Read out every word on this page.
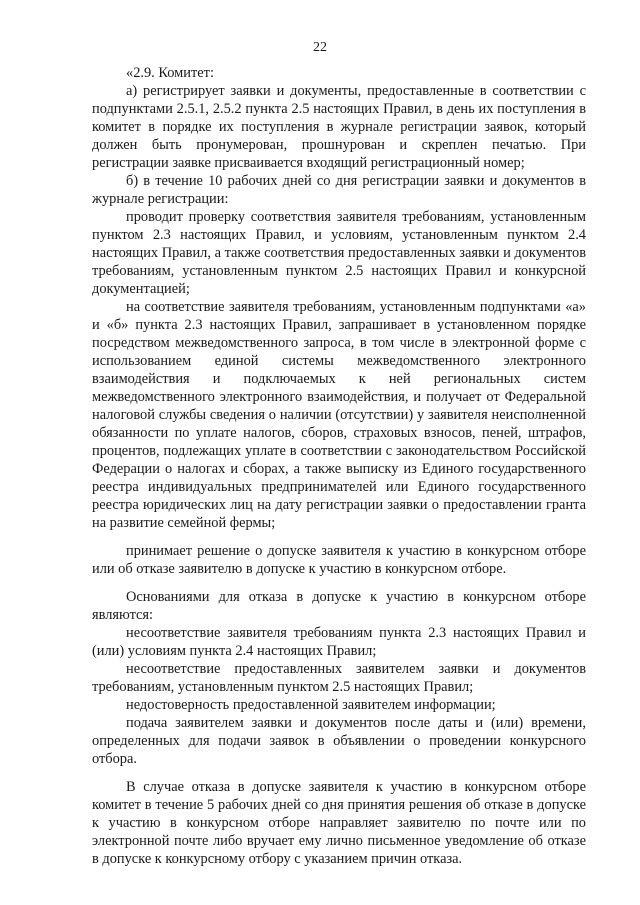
22

«2.9. Комитет:

а) регистрирует заявки и документы, предоставленные в соответствии с подпунктами 2.5.1, 2.5.2 пункта 2.5 настоящих Правил, в день их поступления в комитет в порядке их поступления в журнале регистрации заявок, который должен быть пронумерован, прошнурован и скреплен печатью. При регистрации заявке присваивается входящий регистрационный номер;

б) в течение 10 рабочих дней со дня регистрации заявки и документов в журнале регистрации:

проводит проверку соответствия заявителя требованиям, установленным пунктом 2.3 настоящих Правил, и условиям, установленным пунктом 2.4 настоящих Правил, а также соответствия предоставленных заявки и документов требованиям, установленным пунктом 2.5 настоящих Правил и конкурсной документацией;

на соответствие заявителя требованиям, установленным подпунктами «а» и «б» пункта 2.3 настоящих Правил, запрашивает в установленном порядке посредством межведомственного запроса, в том числе в электронной форме с использованием единой системы межведомственного электронного взаимодействия и подключаемых к ней региональных систем межведомственного электронного взаимодействия, и получает от Федеральной налоговой службы сведения о наличии (отсутствии) у заявителя неисполненной обязанности по уплате налогов, сборов, страховых взносов, пеней, штрафов, процентов, подлежащих уплате в соответствии с законодательством Российской Федерации о налогах и сборах, а также выписку из Единого государственного реестра индивидуальных предпринимателей или Единого государственного реестра юридических лиц на дату регистрации заявки о предоставлении гранта на развитие семейной фермы;

принимает решение о допуске заявителя к участию в конкурсном отборе или об отказе заявителю в допуске к участию в конкурсном отборе.

Основаниями для отказа в допуске к участию в конкурсном отборе являются:

несоответствие заявителя требованиям пункта 2.3 настоящих Правил и (или) условиям пункта 2.4 настоящих Правил;

несоответствие предоставленных заявителем заявки и документов требованиям, установленным пунктом 2.5 настоящих Правил;

недостоверность предоставленной заявителем информации;

подача заявителем заявки и документов после даты и (или) времени, определенных для подачи заявок в объявлении о проведении конкурсного отбора.

В случае отказа в допуске заявителя к участию в конкурсном отборе комитет в течение 5 рабочих дней со дня принятия решения об отказе в допуске к участию в конкурсном отборе направляет заявителю по почте или по электронной почте либо вручает ему лично письменное уведомление об отказе в допуске к конкурсному отбору с указанием причин отказа.
